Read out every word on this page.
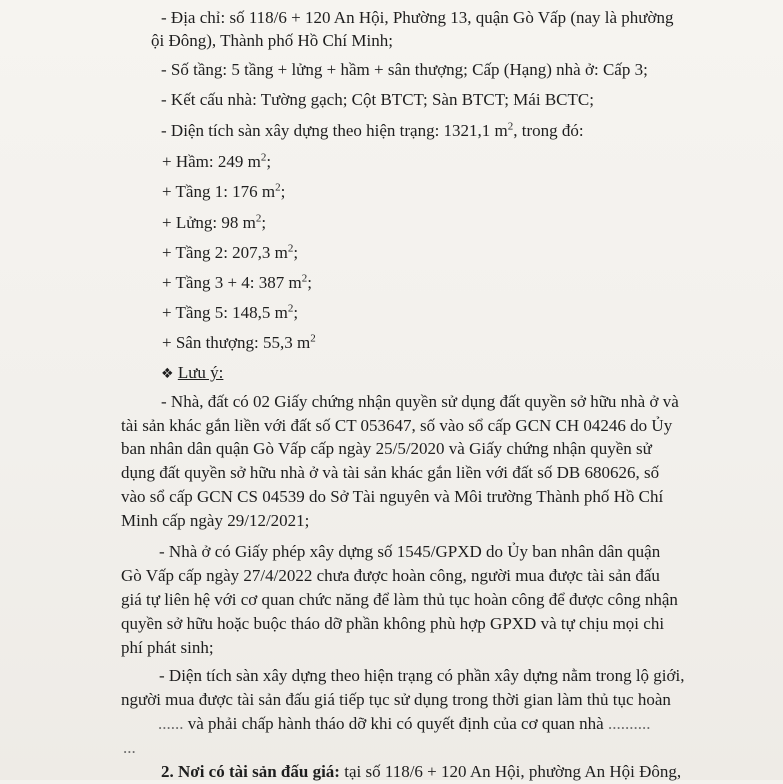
- Địa chỉ: số 118/6 + 120 An Hội, Phường 13, quận Gò Vấp (nay là phường
ội Đông), Thành phố Hồ Chí Minh;
- Số tầng: 5 tầng + lửng + hầm + sân thượng; Cấp (Hạng) nhà ở: Cấp 3;
- Kết cấu nhà: Tường gạch; Cột BTCT; Sàn BTCT; Mái BCTC;
- Diện tích sàn xây dựng theo hiện trạng: 1321,1 $m^2$, trong đó:
+ Hầm: 249 $m^2$;
+ Tầng 1: 176 $m^2$;
+ Lửng: 98 $m^2$;
+ Tầng 2: 207,3 $m^2$;
+ Tầng 3 + 4: 387 $m^2$;
+ Tầng 5: 148,5 $m^2$;
+ Sân thượng: 55,3 $m^2$
❖ Lưu ý:
- Nhà, đất có 02 Giấy chứng nhận quyền sử dụng đất quyền sở hữu nhà ở và
tài sản khác gắn liền với đất số CT 053647, số vào sổ cấp GCN CH 04246 do Ủy
ban nhân dân quận Gò Vấp cấp ngày 25/5/2020 và Giấy chứng nhận quyền sử
dụng đất quyền sở hữu nhà ở và tài sản khác gắn liền với đất số DB 680626, số
vào sổ cấp GCN CS 04539 do Sở Tài nguyên và Môi trường Thành phố Hồ Chí
Minh cấp ngày 29/12/2021;
- Nhà ở có Giấy phép xây dựng số 1545/GPXD do Ủy ban nhân dân quận
Gò Vấp cấp ngày 27/4/2022 chưa được hoàn công, người mua được tài sản đấu
giá tự liên hệ với cơ quan chức năng để làm thủ tục hoàn công để được công nhận
quyền sở hữu hoặc buộc tháo dỡ phần không phù hợp GPXD và tự chịu mọi chi
phí phát sinh;
- Diện tích sàn xây dựng theo hiện trạng có phần xây dựng nằm trong lộ giới,
người mua được tài sản đấu giá tiếp tục sử dụng trong thời gian làm thủ tục hoàn
...... và phải chấp hành tháo dỡ khi có quyết định của cơ quan nhà ..........
...
2. Nơi có tài sản đấu giá: tại số 118/6 + 120 An Hội, phường An Hội Đông,
